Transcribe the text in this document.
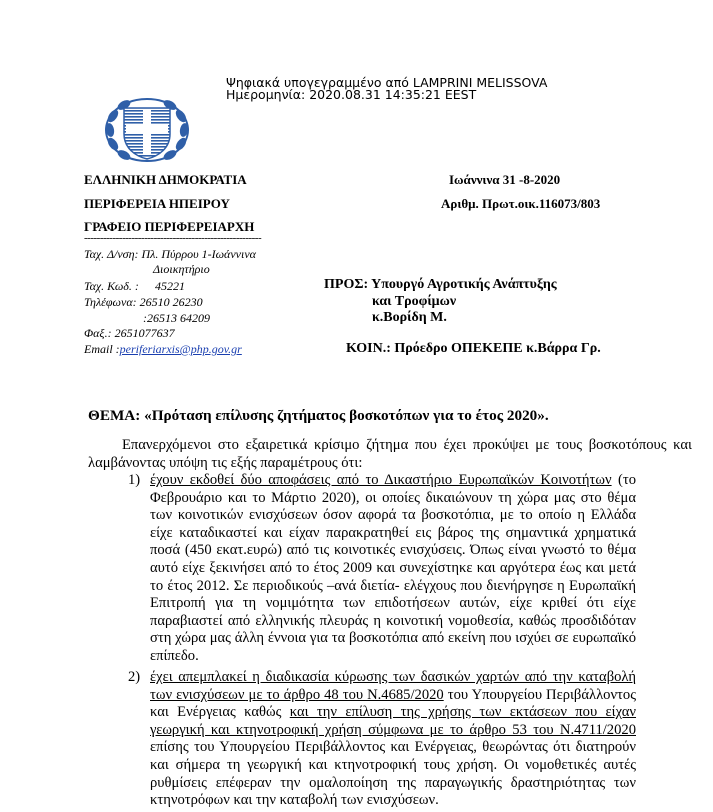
Ψηφιακά υπογεγραμμένο από LAMPRINI MELISSOVA
Ημερομηνία: 2020.08.31 14:35:21 EEST
ΕΛΛΗΝΙΚΗ ΔΗΜΟΚΡΑΤΙΑ
ΠΕΡΙΦΕΡΕΙΑ ΗΠΕΙΡΟΥ
ΓΡΑΦΕΙΟ ΠΕΡΙΦΕΡΕΙΑΡΧΗ
--------------------------------------------------------
Ιωάννινα 31 -8-2020
Αριθμ. Πρωτ.οικ.116073/803
Ταχ. Δ/νση: Πλ. Πύρρου 1-Ιωάννινα
Διοικητήριο
Ταχ. Κωδ. : 45221
Τηλέφωνα: 26510 26230
:26513 64209
Φαξ.: 2651077637
Email :periferiarxis@php.gov.gr
ΠΡΟΣ: Υπουργό Αγροτικής Ανάπτυξης
και Τροφίμων
κ.Βορίδη Μ.
ΚΟΙΝ.: Πρόεδρο ΟΠΕΚΕΠΕ κ.Βάρρα Γρ.
ΘΕΜΑ: «Πρόταση επίλυσης ζητήματος βοσκοτόπων για το έτος 2020».
Επανερχόμενοι στο εξαιρετικά κρίσιμο ζήτημα που έχει προκύψει με τους βοσκοτόπους και λαμβάνοντας υπόψη τις εξής παραμέτρους ότι:
1) έχουν εκδοθεί δύο αποφάσεις από το Δικαστήριο Ευρωπαϊκών Κοινοτήτων (το Φεβρουάριο και το Μάρτιο 2020), οι οποίες δικαιώνουν τη χώρα μας στο θέμα των κοινοτικών ενισχύσεων όσον αφορά τα βοσκοτόπια, με το οποίο η Ελλάδα είχε καταδικαστεί και είχαν παρακρατηθεί εις βάρος της σημαντικά χρηματικά ποσά (450 εκατ.ευρώ) από τις κοινοτικές ενισχύσεις. Όπως είναι γνωστό το θέμα αυτό είχε ξεκινήσει από το έτος 2009 και συνεχίστηκε και αργότερα έως και μετά το έτος 2012. Σε περιοδικούς –ανά διετία- ελέγχους που διενήργησε η Ευρωπαϊκή Επιτροπή για τη νομιμότητα των επιδοτήσεων αυτών, είχε κριθεί ότι είχε παραβιαστεί από ελληνικής πλευράς η κοινοτική νομοθεσία, καθώς προσδιδόταν στη χώρα μας άλλη έννοια για τα βοσκοτόπια από εκείνη που ισχύει σε ευρωπαϊκό επίπεδο.

2) έχει απεμπλακεί η διαδικασία κύρωσης των δασικών χαρτών από την καταβολή των ενισχύσεων με το άρθρο 48 του Ν.4685/2020 του Υπουργείου Περιβάλλοντος και Ενέργειας καθώς και την επίλυση της χρήσης των εκτάσεων που είχαν γεωργική και κτηνοτροφική χρήση σύμφωνα με το άρθρο 53 του Ν.4711/2020 επίσης του Υπουργείου Περιβάλλοντος και Ενέργειας, θεωρώντας ότι διατηρούν και σήμερα τη γεωργική και κτηνοτροφική τους χρήση. Οι νομοθετικές αυτές ρυθμίσεις επέφεραν την ομαλοποίηση της παραγωγικής δραστηριότητας των κτηνοτρόφων και την καταβολή των ενισχύσεων.
